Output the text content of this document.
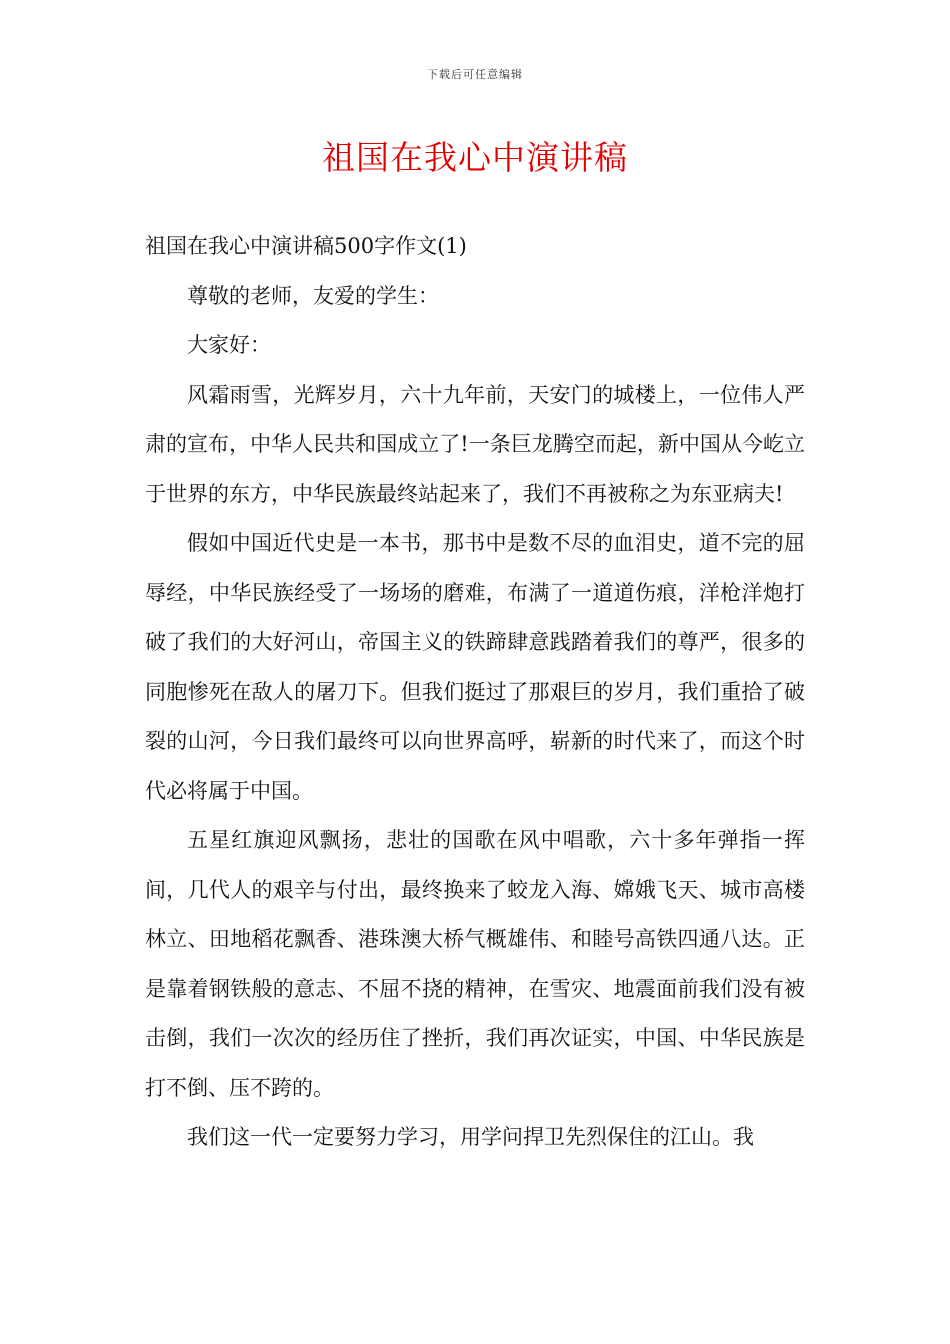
下载后可任意编辑
祖国在我心中演讲稿

祖国在我心中演讲稿500字作文(1)

尊敬的老师，友爱的学生：

大家好：

风霜雨雪，光辉岁月，六十九年前，天安门的城楼上，一位伟人严肃的宣布，中华人民共和国成立了!一条巨龙腾空而起，新中国从今屹立于世界的东方，中华民族最终站起来了，我们不再被称之为东亚病夫!

假如中国近代史是一本书，那书中是数不尽的血泪史，道不完的屈辱经，中华民族经受了一场场的磨难，布满了一道道伤痕，洋枪洋炮打破了我们的大好河山，帝国主义的铁蹄肆意践踏着我们的尊严，很多的同胞惨死在敌人的屠刀下。但我们挺过了那艰巨的岁月，我们重拾了破裂的山河，今日我们最终可以向世界高呼，崭新的时代来了，而这个时代必将属于中国。

五星红旗迎风飘扬，悲壮的国歌在风中唱歌，六十多年弹指一挥间，几代人的艰辛与付出，最终换来了蛟龙入海、嫦娥飞天、城市高楼林立、田地稻花飘香、港珠澳大桥气概雄伟、和睦号高铁四通八达。正是靠着钢铁般的意志、不屈不挠的精神，在雪灾、地震面前我们没有被击倒，我们一次次的经历住了挫折，我们再次证实，中国、中华民族是打不倒、压不跨的。

我们这一代一定要努力学习，用学问捍卫先烈保住的江山。我
